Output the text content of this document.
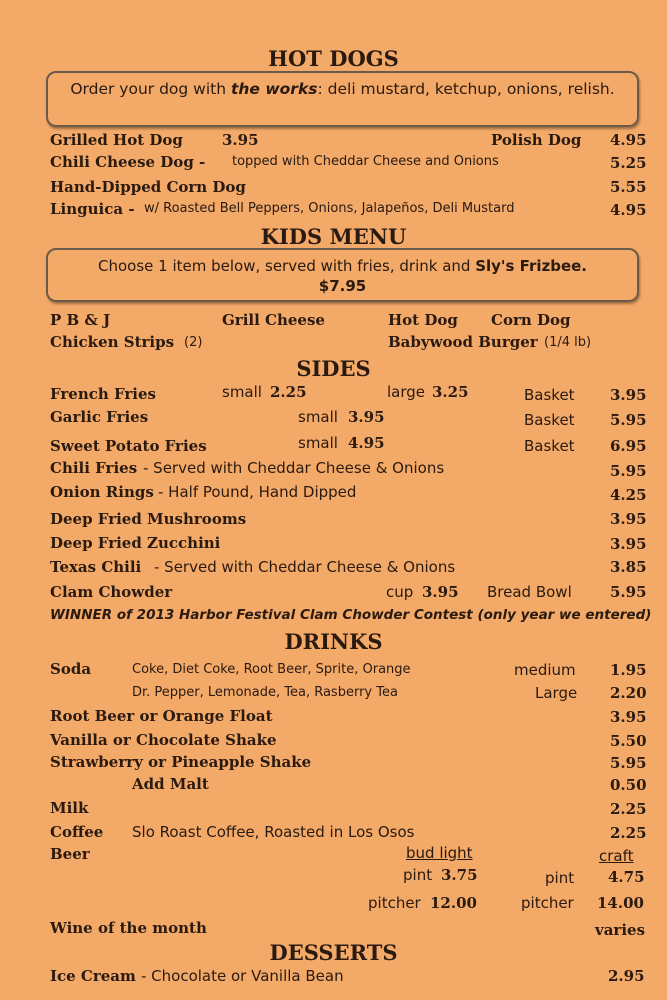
HOT DOGS
Order your dog with the works: deli mustard, ketchup, onions, relish.
Grilled Hot Dog	3.95	Polish Dog 4.95
Chili Cheese Dog - topped with Cheddar Cheese and Onions	5.25
Hand-Dipped Corn Dog	5.55
Linguica - w/ Roasted Bell Peppers, Onions, Jalapeños, Deli Mustard	4.95
KIDS MENU
Choose 1 item below, served with fries, drink and Sly's Frizbee.
$7.95
P B & J	Grill Cheese	Hot Dog Corn Dog
Chicken Strips (2)	Babywood Burger (1/4 lb)
SIDES
French Fries	small 2.25	large 3.25	Basket 3.95
Garlic Fries	small 3.95	Basket 5.95
Sweet Potato Fries	small 4.95	Basket 6.95
Chili Fries - Served with Cheddar Cheese & Onions	5.95
Onion Rings - Half Pound, Hand Dipped	4.25
Deep Fried Mushrooms	3.95
Deep Fried Zucchini	3.95
Texas Chili - Served with Cheddar Cheese & Onions	3.85
Clam Chowder	cup 3.95 Bread Bowl	5.95
WINNER of 2013 Harbor Festival Clam Chowder Contest (only year we entered)
DRINKS
Soda	Coke, Diet Coke, Root Beer, Sprite, Orange	medium 1.95
Dr. Pepper, Lemonade, Tea, Rasberry Tea	Large 2.20
Root Beer or Orange Float	3.95
Vanilla or Chocolate Shake	5.50
Strawberry or Pineapple Shake	5.95
Add Malt	0.50
Milk	2.25
Coffee Slo Roast Coffee, Roasted in Los Osos	2.25
Beer	bud light	craft
pint 3.75	pint 4.75
pitcher 12.00	pitcher 14.00
Wine of the month	varies
DESSERTS
Ice Cream - Chocolate or Vanilla Bean	2.95
